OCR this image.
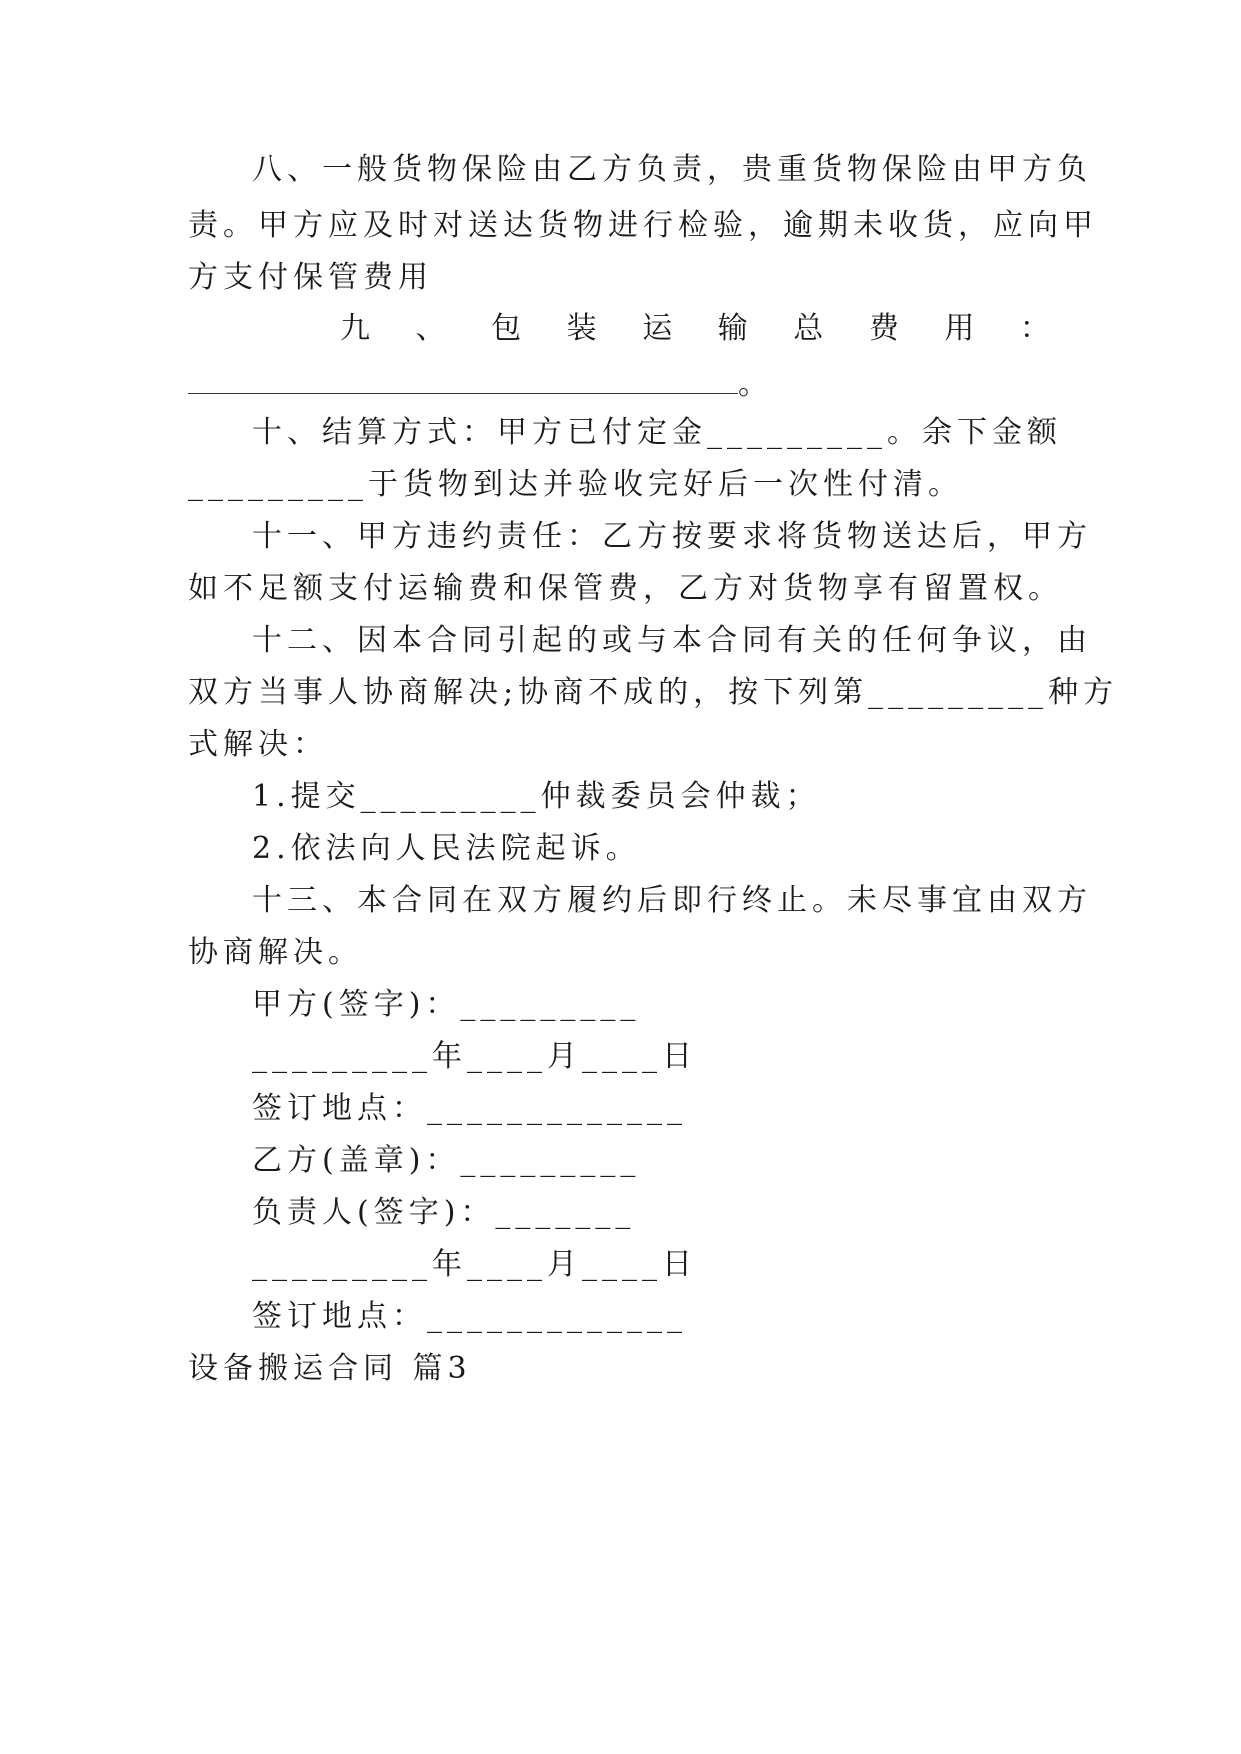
八、一般货物保险由乙方负责，贵重货物保险由甲方负
责。甲方应及时对送达货物进行检验，逾期未收货，应向甲
方支付保管费用
九 、 包 装 运 输 总 费 用 ：
。
十、结算方式：甲方已付定金_________。余下金额
_________于货物到达并验收完好后一次性付清。
十一、甲方违约责任：乙方按要求将货物送达后，甲方
如不足额支付运输费和保管费，乙方对货物享有留置权。
十二、因本合同引起的或与本合同有关的任何争议，由
双方当事人协商解决;协商不成的，按下列第_________种方
式解决：
1.提交_________仲裁委员会仲裁；
2.依法向人民法院起诉。
十三、本合同在双方履约后即行终止。未尽事宜由双方
协商解决。
甲方(签字)：_________
_________年____月____日
签订地点：_____________
乙方(盖章)：_________
负责人(签字)：_______
_________年____月____日
签订地点：_____________
设备搬运合同 篇3
